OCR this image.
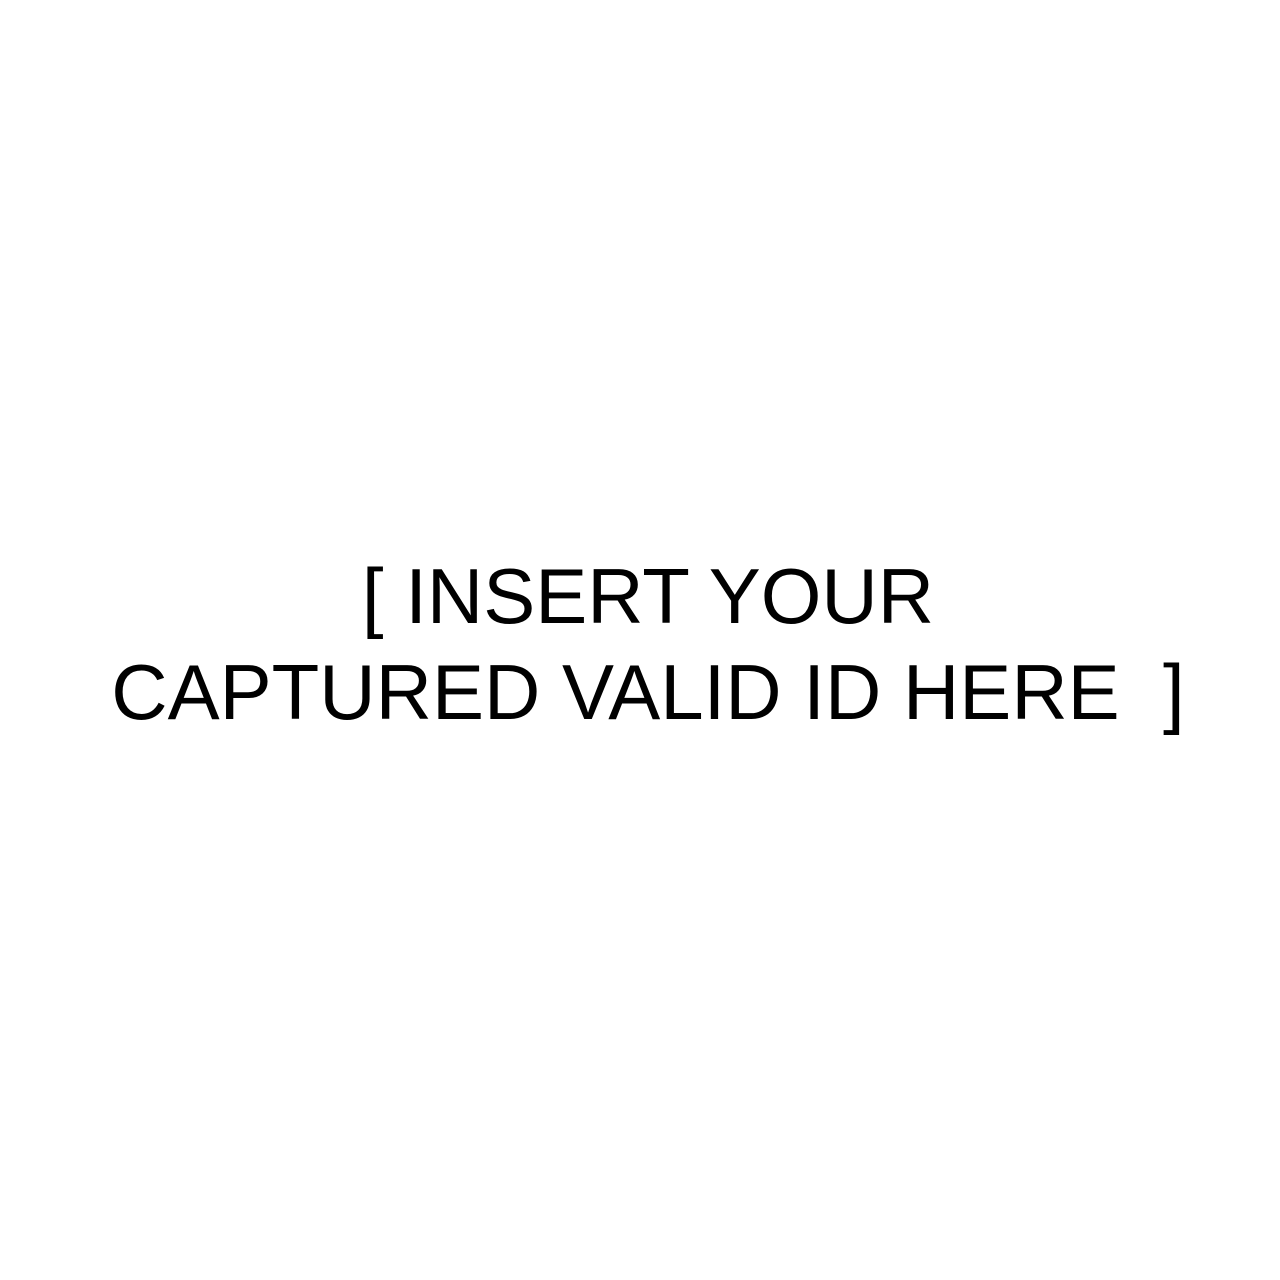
[ INSERT YOUR
CAPTURED VALID ID HERE  ]
